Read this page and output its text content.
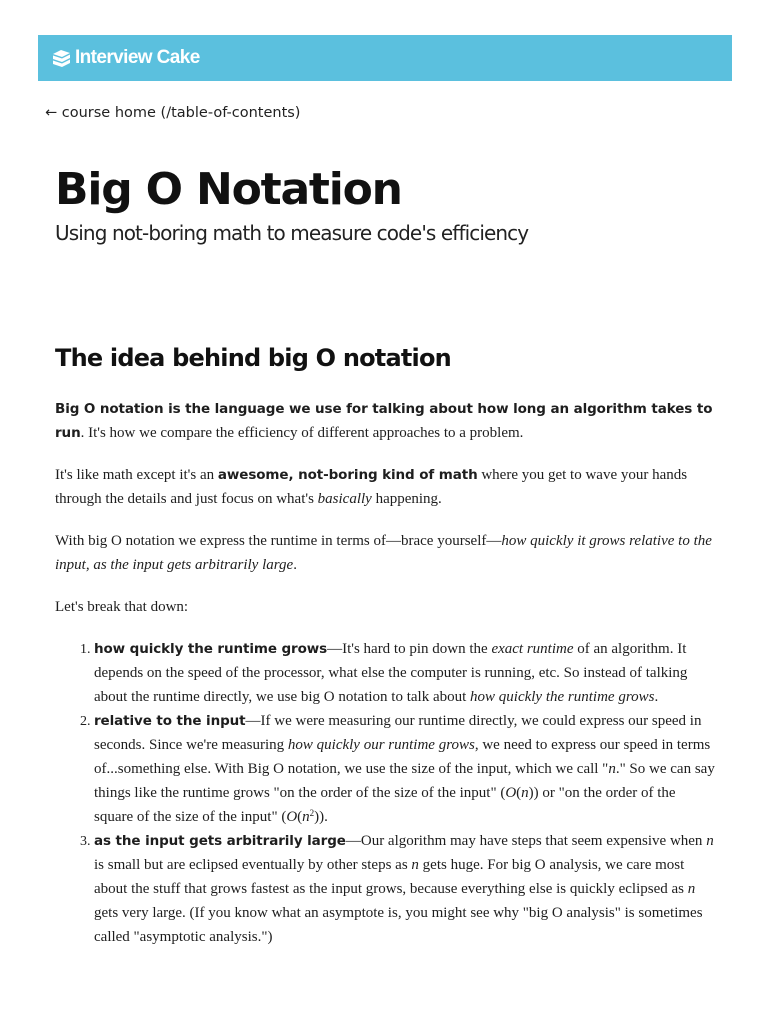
Interview Cake
← course home (/table-of-contents)
Big O Notation
Using not-boring math to measure code's efficiency
The idea behind big O notation

Big O notation is the language we use for talking about how long an algorithm takes to run. It's how we compare the efficiency of different approaches to a problem.

It's like math except it's an awesome, not-boring kind of math where you get to wave your hands through the details and just focus on what's basically happening.

With big O notation we express the runtime in terms of—brace yourself—how quickly it grows relative to the input, as the input gets arbitrarily large.

Let's break that down:

1. how quickly the runtime grows—It's hard to pin down the exact runtime of an algorithm. It depends on the speed of the processor, what else the computer is running, etc. So instead of talking about the runtime directly, we use big O notation to talk about how quickly the runtime grows.
2. relative to the input—If we were measuring our runtime directly, we could express our speed in seconds. Since we're measuring how quickly our runtime grows, we need to express our speed in terms of...something else. With Big O notation, we use the size of the input, which we call "n." So we can say things like the runtime grows "on the order of the size of the input" (O(n)) or "on the order of the square of the size of the input" $(O(n^2))$.
3. as the input gets arbitrarily large—Our algorithm may have steps that seem expensive when n is small but are eclipsed eventually by other steps as n gets huge. For big O analysis, we care most about the stuff that grows fastest as the input grows, because everything else is quickly eclipsed as n gets very large. (If you know what an asymptote is, you might see why "big O analysis" is sometimes called "asymptotic analysis.")
